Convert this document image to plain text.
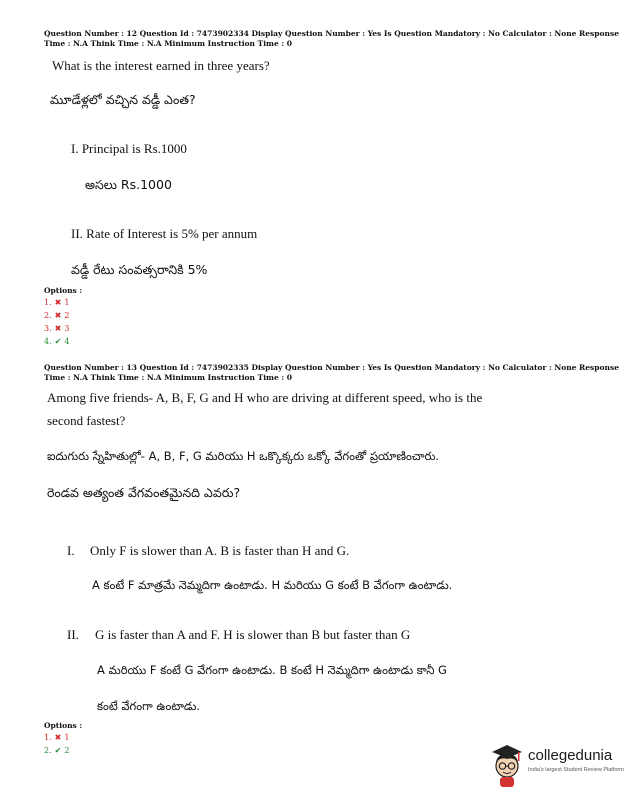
Question Number : 12 Question Id : 7473902334 Display Question Number : Yes Is Question Mandatory : No Calculator : None Response
Time : N.A Think Time : N.A Minimum Instruction Time : 0
What is the interest earned in three years?
మూడేళ్లలో వచ్చిన వడ్డీ ఎంత?
I. Principal is Rs.1000
అసలు Rs.1000
II. Rate of Interest is 5% per annum
వడ్డీ రేటు సంవత్సరానికి 5%
Options :
1. ✖ 1
2. ✖ 2
3. ✖ 3
4. ✔ 4
Question Number : 13 Question Id : 7473902335 Display Question Number : Yes Is Question Mandatory : No Calculator : None Response
Time : N.A Think Time : N.A Minimum Instruction Time : 0
Among five friends- A, B, F, G and H who are driving at different speed, who is the
second fastest?
ఐదుగురు స్నేహితుల్లో- A, B, F, G మరియు H ఒక్కొక్కరు ఒక్కో వేగంతో ప్రయాణించారు.
రెండవ అత్యంత వేగవంతమైనది ఎవరు?
I. Only F is slower than A. B is faster than H and G.
A కంటే F మాత్రమే నెమ్మదిగా ఉంటాడు. H మరియు G కంటే B వేగంగా ఉంటాడు.
II. G is faster than A and F. H is slower than B but faster than G
A మరియు F కంటే G వేగంగా ఉంటాడు. B కంటే H నెమ్మదిగా ఉంటాడు కానీ G
కంటే వేగంగా ఉంటాడు.
Options :
1. ✖ 1
2. ✔ 2	collegedunia
India's largest Student Review Platform
